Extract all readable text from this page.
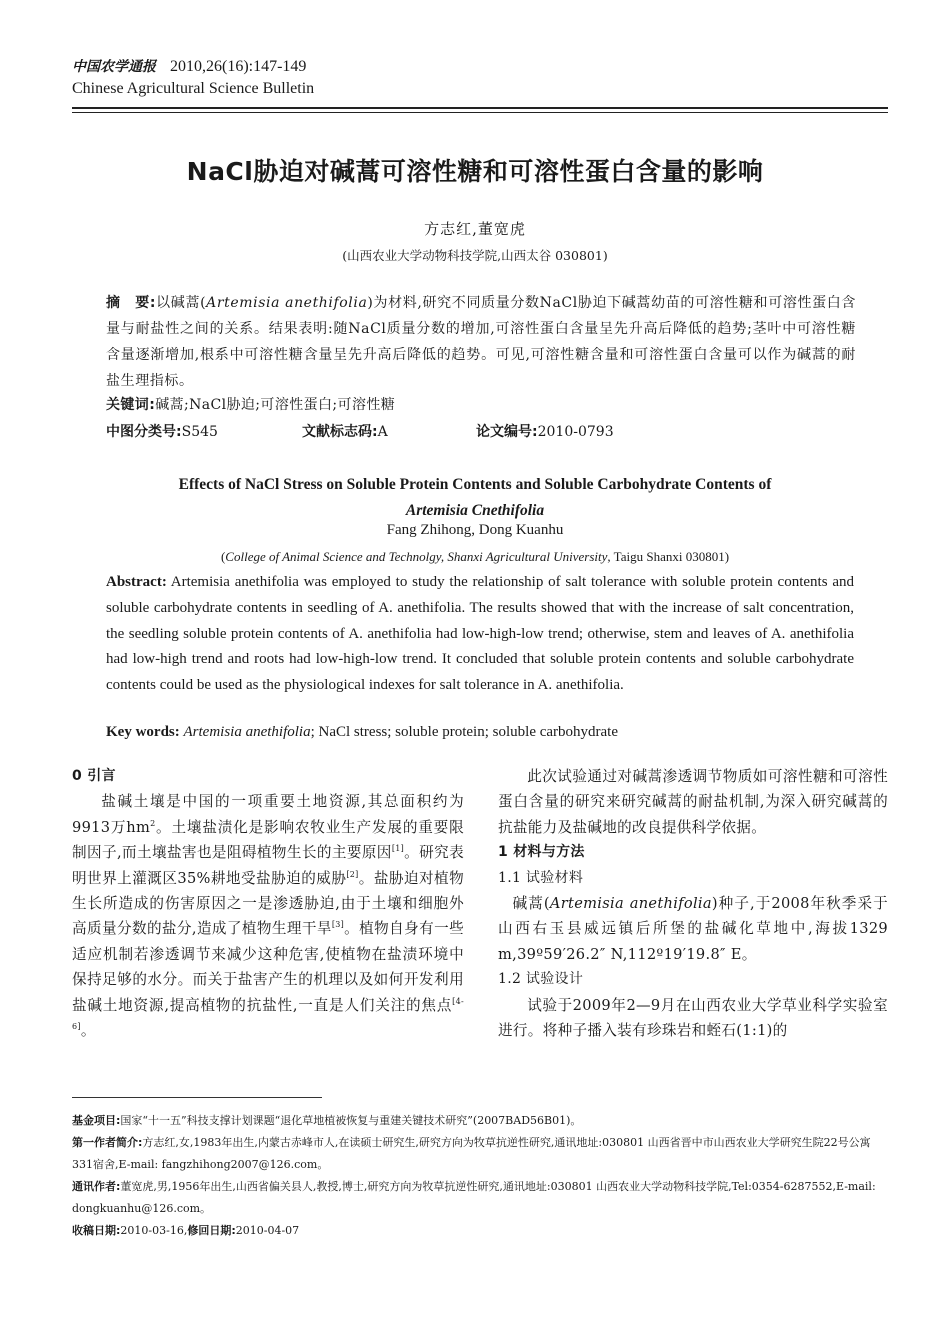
中国农学通报 2010,26(16):147-149
Chinese Agricultural Science Bulletin
NaCl胁迫对碱蒿可溶性糖和可溶性蛋白含量的影响
方志红,董宽虎
(山西农业大学动物科技学院,山西太谷 030801)
摘　要:以碱蒿(Artemisia anethifolia)为材料,研究不同质量分数NaCl胁迫下碱蒿幼苗的可溶性糖和可溶性蛋白含量与耐盐性之间的关系。结果表明:随NaCl质量分数的增加,可溶性蛋白含量呈先升高后降低的趋势;茎叶中可溶性糖含量逐渐增加,根系中可溶性糖含量呈先升高后降低的趋势。可见,可溶性糖含量和可溶性蛋白含量可以作为碱蒿的耐盐生理指标。
关键词:碱蒿;NaCl胁迫;可溶性蛋白;可溶性糖
中图分类号:S545	文献标志码:A	论文编号:2010-0793
Effects of NaCl Stress on Soluble Protein Contents and Soluble Carbohydrate Contents of
Artemisia Cnethifolia
Fang Zhihong, Dong Kuanhu
(College of Animal Science and Technolgy, Shanxi Agricultural University, Taigu Shanxi 030801)
Abstract: Artemisia anethifolia was employed to study the relationship of salt tolerance with soluble protein contents and soluble carbohydrate contents in seedling of A. anethifolia. The results showed that with the increase of salt concentration, the seedling soluble protein contents of A. anethifolia had low-high-low trend; otherwise, stem and leaves of A. anethifolia had low-high trend and roots had low-high-low trend. It concluded that soluble protein contents and soluble carbohydrate contents could be used as the physiological indexes for salt tolerance in A. anethifolia.
Key words: Artemisia anethifolia; NaCl stress; soluble protein; soluble carbohydrate

0 引言

盐碱土壤是中国的一项重要土地资源,其总面积约为9913万$hm^2$。土壤盐渍化是影响农牧业生产发展的重要限制因子,而土壤盐害也是阻碍植物生长的主要原因[1]。研究表明世界上灌溉区35%耕地受盐胁迫的威胁[2]。盐胁迫对植物生长所造成的伤害原因之一是渗透胁迫,由于土壤和细胞外高质量分数的盐分,造成了植物生理干旱[3]。植物自身有一些适应机制若渗透调节来减少这种危害,使植物在盐渍环境中保持足够的水分。而关于盐害产生的机理以及如何开发利用盐碱土地资源,提高植物的抗盐性,一直是人们关注的焦点[4-6]。

此次试验通过对碱蒿渗透调节物质如可溶性糖和可溶性蛋白含量的研究来研究碱蒿的耐盐机制,为深入研究碱蒿的抗盐能力及盐碱地的改良提供科学依据。

1 材料与方法

1.1 试验材料

碱蒿(Artemisia anethifolia)种子,于2008年秋季采于山西右玉县威远镇后所堡的盐碱化草地中,海拔1329 m,39º59′26.2″ N,112º19′19.8″ E。

1.2 试验设计

试验于2009年2—9月在山西农业大学草业科学实验室进行。将种子播入装有珍珠岩和蛭石(1:1)的

基金项目:国家“十一五”科技支撑计划课题“退化草地植被恢复与重建关键技术研究”(2007BAD56B01)。

第一作者简介:方志红,女,1983年出生,内蒙古赤峰市人,在读硕士研究生,研究方向为牧草抗逆性研究,通讯地址:030801 山西省晋中市山西农业大学研究生院22号公寓331宿舍,E-mail: fangzhihong2007@126.com。

通讯作者:董宽虎,男,1956年出生,山西省偏关县人,教授,博士,研究方向为牧草抗逆性研究,通讯地址:030801 山西农业大学动物科技学院,Tel:0354-6287552,E-mail: dongkuanhu@126.com。

收稿日期:2010-03-16,修回日期:2010-04-07
